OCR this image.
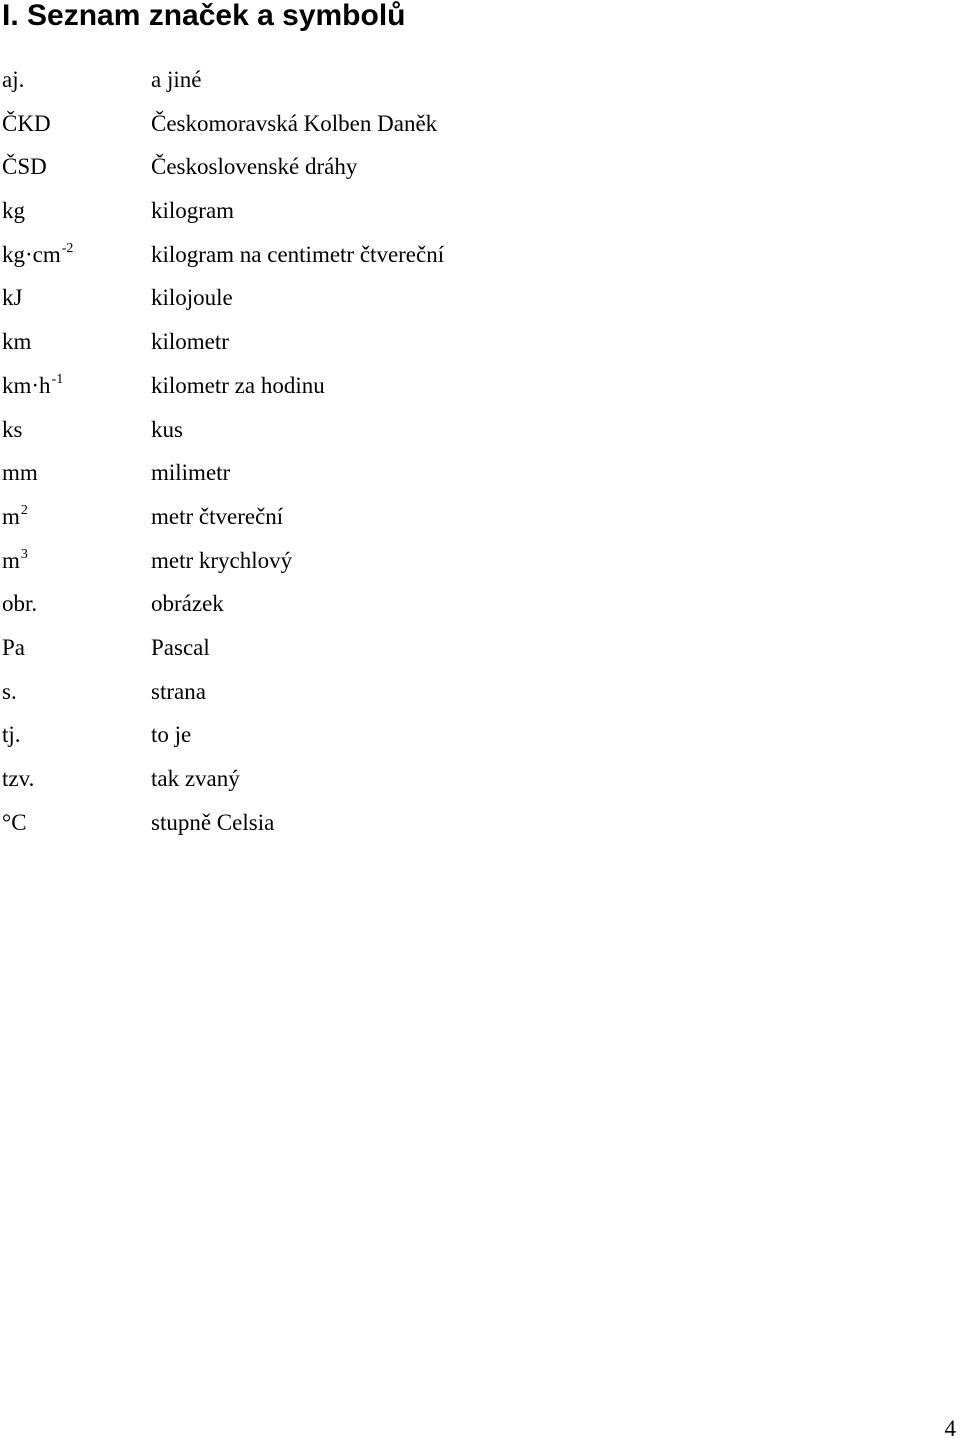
I. Seznam značek a symbolů
aj.	a jiné
ČKD	Českomoravská Kolben Daněk
ČSD	Československé dráhy
kg	kilogram
$kg\cdot cm^{-2}$	kilogram na centimetr čtvereční
kJ	kilojoule
km	kilometr
$km\cdot h^{-1}$	kilometr za hodinu
ks	kus
mm	milimetr
$m^2$	metr čtvereční
$m^3$	metr krychlový
obr.	obrázek
Pa	Pascal
s.	strana
tj.	to je
tzv.	tak zvaný
°C	stupně Celsia
4
